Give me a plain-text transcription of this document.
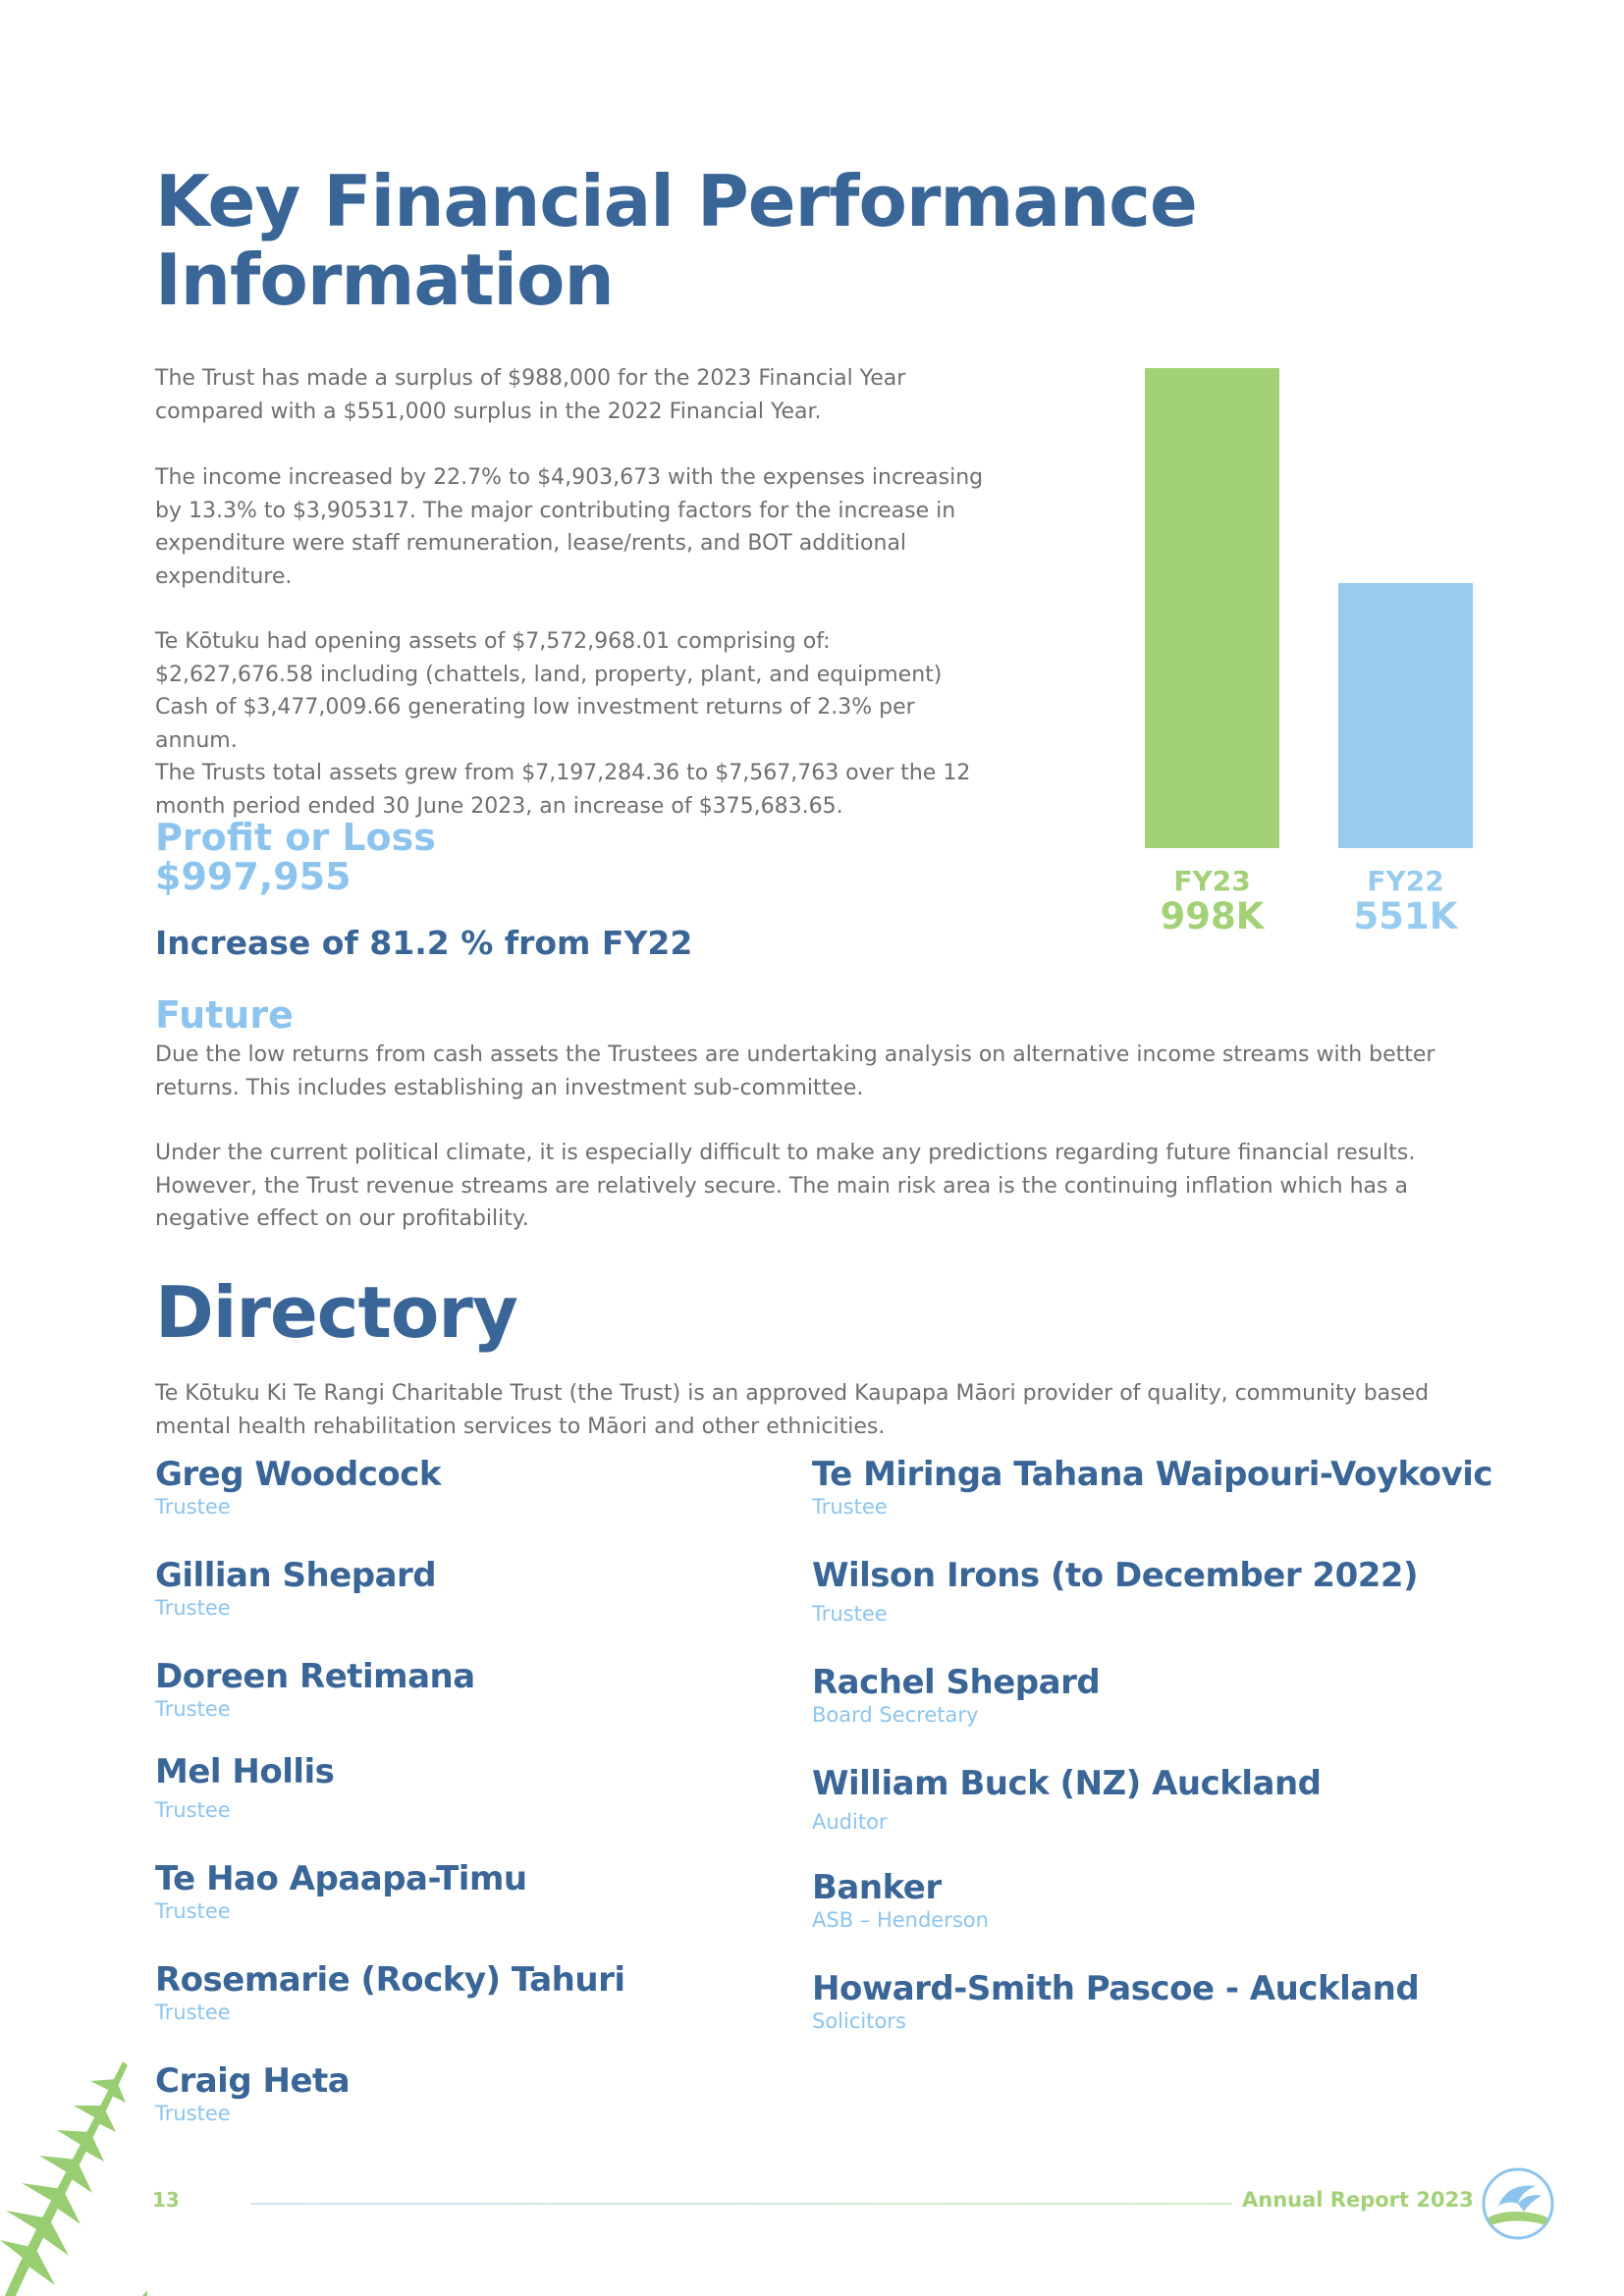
Key Financial Performance
Information
The Trust has made a surplus of $988,000 for the 2023 Financial Year
compared with a $551,000 surplus in the 2022 Financial Year.
The income increased by 22.7% to $4,903,673 with the expenses increasing
by 13.3% to $3,905317. The major contributing factors for the increase in
expenditure were staff remuneration, lease/rents, and BOT additional
expenditure.
Te Kōtuku had opening assets of $7,572,968.01 comprising of:
$2,627,676.58 including (chattels, land, property, plant, and equipment)
Cash of $3,477,009.66 generating low investment returns of 2.3% per annum.
The Trusts total assets grew from $7,197,284.36 to $7,567,763 over the 12
month period ended 30 June 2023, an increase of $375,683.65.
Profit or Loss
$997,955
Increase of 81.2 % from FY22
FY23
998K
FY22
551K
Future
Due the low returns from cash assets the Trustees are undertaking analysis on alternative income streams with better
returns. This includes establishing an investment sub-committee.
Under the current political climate, it is especially difficult to make any predictions regarding future financial results.
However, the Trust revenue streams are relatively secure. The main risk area is the continuing inflation which has a
negative effect on our profitability.
Directory
Te Kōtuku Ki Te Rangi Charitable Trust (the Trust) is an approved Kaupapa Māori provider of quality, community based
mental health rehabilitation services to Māori and other ethnicities.
Greg Woodcock
Trustee
Gillian Shepard
Trustee
Doreen Retimana
Trustee
Mel Hollis
Trustee
Te Hao Apaapa-Timu
Trustee
Rosemarie (Rocky) Tahuri
Trustee
Craig Heta
Trustee
Te Miringa Tahana Waipouri-Voykovic
Trustee
Wilson Irons (to December 2022)
Trustee
Rachel Shepard
Board Secretary
William Buck (NZ) Auckland
Auditor
Banker
ASB – Henderson
Howard-Smith Pascoe - Auckland
Solicitors
13	Annual Report 2023
